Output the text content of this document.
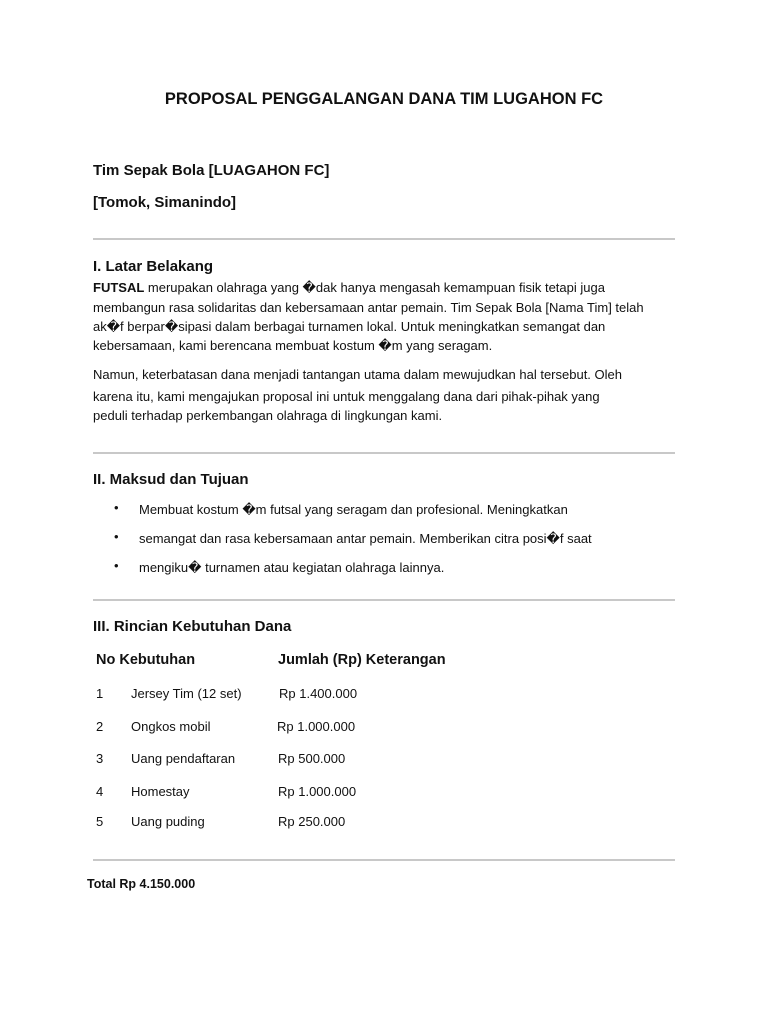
PROPOSAL PENGGALANGAN DANA TIM LUGAHON FC
Tim Sepak Bola [LUAGAHON FC]
[Tomok, Simanindo]
I. Latar Belakang
FUTSAL merupakan olahraga yang �dak hanya mengasah kemampuan fisik tetapi juga
membangun rasa solidaritas dan kebersamaan antar pemain. Tim Sepak Bola [Nama Tim] telah
ak�f berpar�sipasi dalam berbagai turnamen lokal. Untuk meningkatkan semangat dan
kebersamaan, kami berencana membuat kostum �m yang seragam.
Namun, keterbatasan dana menjadi tantangan utama dalam mewujudkan hal tersebut. Oleh
karena itu, kami mengajukan proposal ini untuk menggalang dana dari pihak-pihak yang
peduli terhadap perkembangan olahraga di lingkungan kami.
II. Maksud dan Tujuan
• Membuat kostum �m futsal yang seragam dan profesional. Meningkatkan
• semangat dan rasa kebersamaan antar pemain. Memberikan citra posi�f saat
• mengiku� turnamen atau kegiatan olahraga lainnya.
III. Rincian Kebutuhan Dana
No Kebutuhan	Jumlah (Rp) Keterangan
1 Jersey Tim (12 set)	Rp 1.400.000
2 Ongkos mobil	Rp 1.000.000
3 Uang pendaftaran	Rp 500.000
4 Homestay	Rp 1.000.000
5 Uang puding	Rp 250.000
Total Rp 4.150.000
